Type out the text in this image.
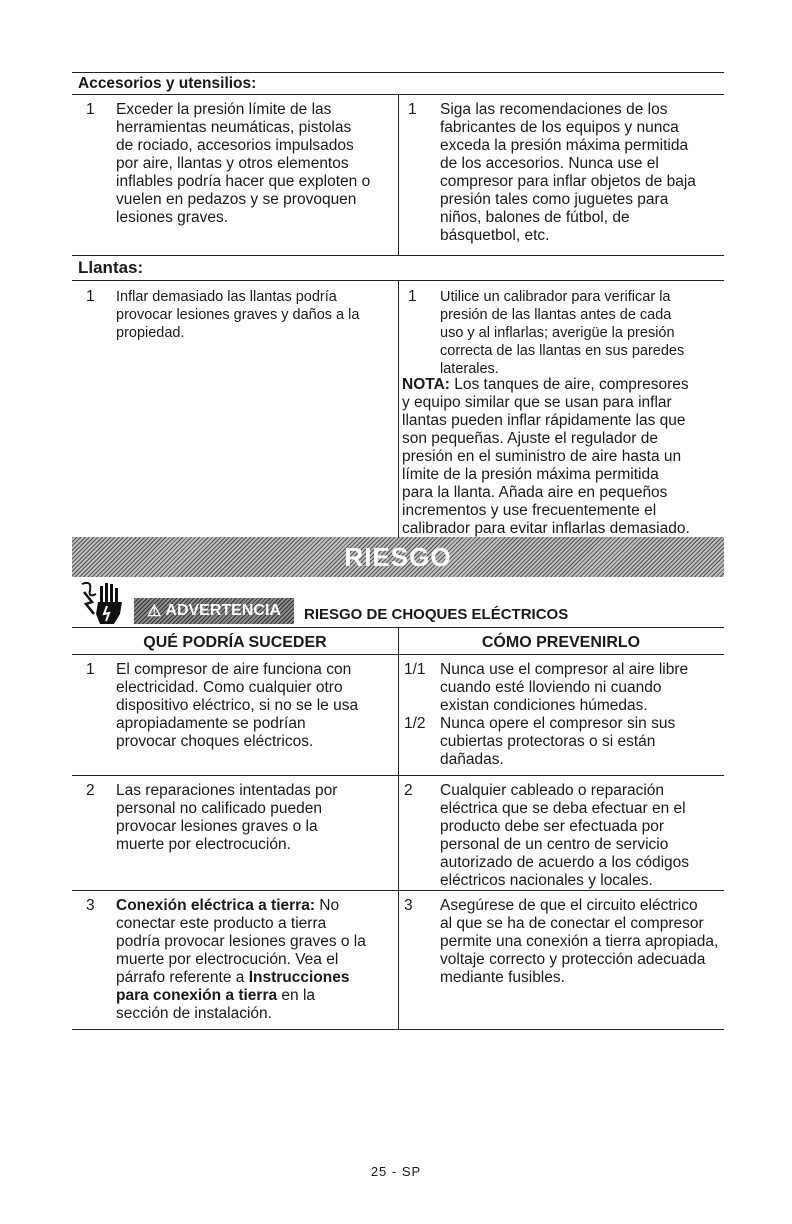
Accesorios y utensilios:
1 Exceder la presión límite de las
herramientas neumáticas, pistolas
de rociado, accesorios impulsados
por aire, llantas y otros elementos
inflables podría hacer que exploten o
vuelen en pedazos y se provoquen
lesiones graves.
1 Siga las recomendaciones de los
fabricantes de los equipos y nunca
exceda la presión máxima permitida
de los accesorios. Nunca use el
compresor para inflar objetos de baja
presión tales como juguetes para
niños, balones de fútbol, de
básquetbol, etc.
Llantas:
1 Inflar demasiado las llantas podría
provocar lesiones graves y daños a la
propiedad.
1 Utilice un calibrador para verificar la
presión de las llantas antes de cada
uso y al inflarlas; averigüe la presión
correcta de las llantas en sus paredes
laterales.
NOTA: Los tanques de aire, compresores
y equipo similar que se usan para inflar
llantas pueden inflar rápidamente las que
son pequeñas. Ajuste el regulador de
presión en el suministro de aire hasta un
límite de la presión máxima permitida
para la llanta. Añada aire en pequeños
incrementos y use frecuentemente el
calibrador para evitar inflarlas demasiado.
RIESGO
⚠ ADVERTENCIA RIESGO DE CHOQUES ELÉCTRICOS
QUÉ PODRÍA SUCEDER	CÓMO PREVENIRLO
1 El compresor de aire funciona con
electricidad. Como cualquier otro
dispositivo eléctrico, si no se le usa
apropiadamente se podrían
provocar choques eléctricos.
1/1 Nunca use el compresor al aire libre
cuando esté lloviendo ni cuando
existan condiciones húmedas.
1/2 Nunca opere el compresor sin sus
cubiertas protectoras o si están
dañadas.
2 Las reparaciones intentadas por
personal no calificado pueden
provocar lesiones graves o la
muerte por electrocución.
2 Cualquier cableado o reparación
eléctrica que se deba efectuar en el
producto debe ser efectuada por
personal de un centro de servicio
autorizado de acuerdo a los códigos
eléctricos nacionales y locales.
3 Conexión eléctrica a tierra: No
conectar este producto a tierra
podría provocar lesiones graves o la
muerte por electrocución. Vea el
párrafo referente a Instrucciones
para conexión a tierra en la
sección de instalación.
3 Asegúrese de que el circuito eléctrico
al que se ha de conectar el compresor
permite una conexión a tierra apropiada,
voltaje correcto y protección adecuada
mediante fusibles.
25 - SP
